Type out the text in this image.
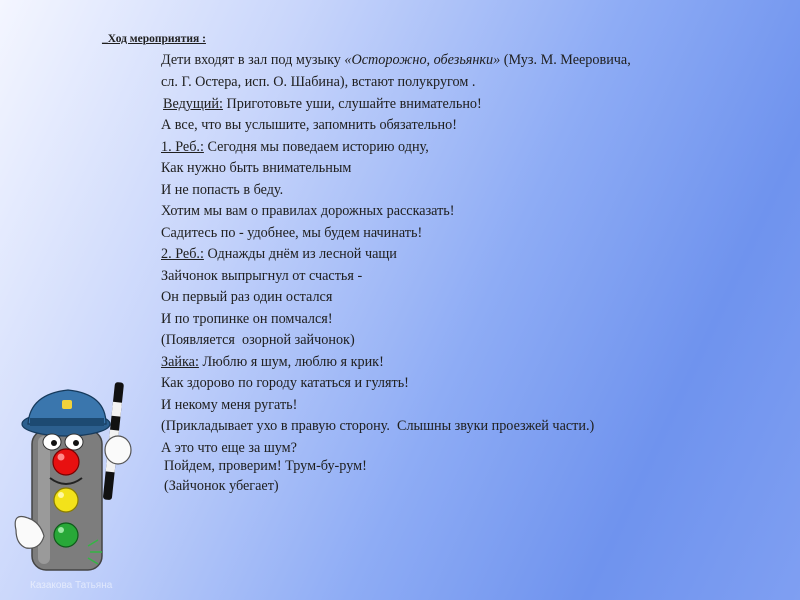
_Ход мероприятия :
Дети входят в зал под музыку «Осторожно, обезьянки» (Муз. М. Мееровича,
сл. Г. Остера, исп. О. Шабина), встают полукругом .
Ведущий: Приготовьте уши, слушайте внимательно!
А все, что вы услышите, запомнить обязательно!
1. Реб.: Сегодня мы поведаем историю одну,
Как нужно быть внимательным
И не попасть в беду.
Хотим мы вам о правилах дорожных рассказать!
Садитесь по - удобнее, мы будем начинать!
2. Реб.: Однажды днём из лесной чащи
Зайчонок выпрыгнул от счастья -
Он первый раз один остался
И по тропинке он помчался!
(Появляется  озорной зайчонок)
Зайка: Люблю я шум, люблю я крик!
Как здорово по городу кататься и гулять!
И некому меня ругать!
(Прикладывает ухо в правую сторону.  Слышны звуки проезжей части.)
А это что еще за шум?
Пойдем, проверим! Трум-бу-рум!
(Зайчонок убегает)
Казакова Татьяна
